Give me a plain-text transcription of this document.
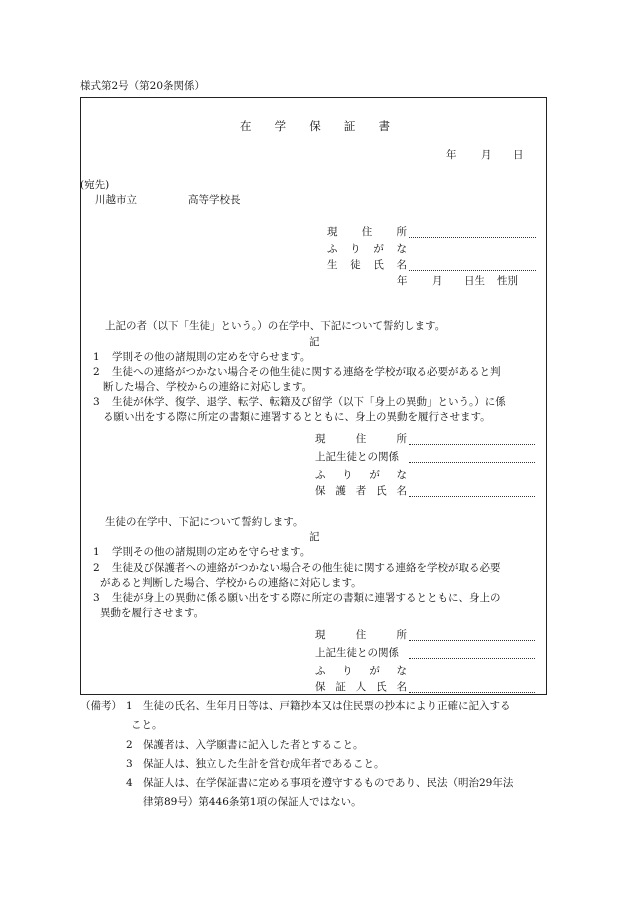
様式第2号（第20条関係）
在 学 保 証 書
年 月 日
(宛先)
川越市立	高等学校長
現 住 所
ふ り が な
生 徒 氏 名
年 月 日生 性別
上記の者（以下「生徒」という。）の在学中、下記について誓約します。
記
1 学則その他の諸規則の定めを守らせます。
2 生徒への連絡がつかない場合その他生徒に関する連絡を学校が取る必要があると判
断した場合、学校からの連絡に対応します。
3 生徒が休学、復学、退学、転学、転籍及び留学（以下「身上の異動」という。）に係
る願い出をする際に所定の書類に連署するとともに、身上の異動を履行させます。
現	住	所
上記生徒との関係
ふ り が な
保 護 者 氏 名
生徒の在学中、下記について誓約します。
記
1 学則その他の諸規則の定めを守らせます。
2 生徒及び保護者への連絡がつかない場合その他生徒に関する連絡を学校が取る必要
があると判断した場合、学校からの連絡に対応します。
3 生徒が身上の異動に係る願い出をする際に所定の書類に連署するとともに、身上の
異動を履行させます。
現	住	所
上記生徒との関係
ふ り が な
保 証 人 氏 名
（備考） 1 生徒の氏名、生年月日等は、戸籍抄本又は住民票の抄本により正確に記入する
こと。
2 保護者は、入学願書に記入した者とすること。
3 保証人は、独立した生計を営む成年者であること。
4 保証人は、在学保証書に定める事項を遵守するものであり、民法（明治29年法
律第89号）第446条第1項の保証人ではない。
